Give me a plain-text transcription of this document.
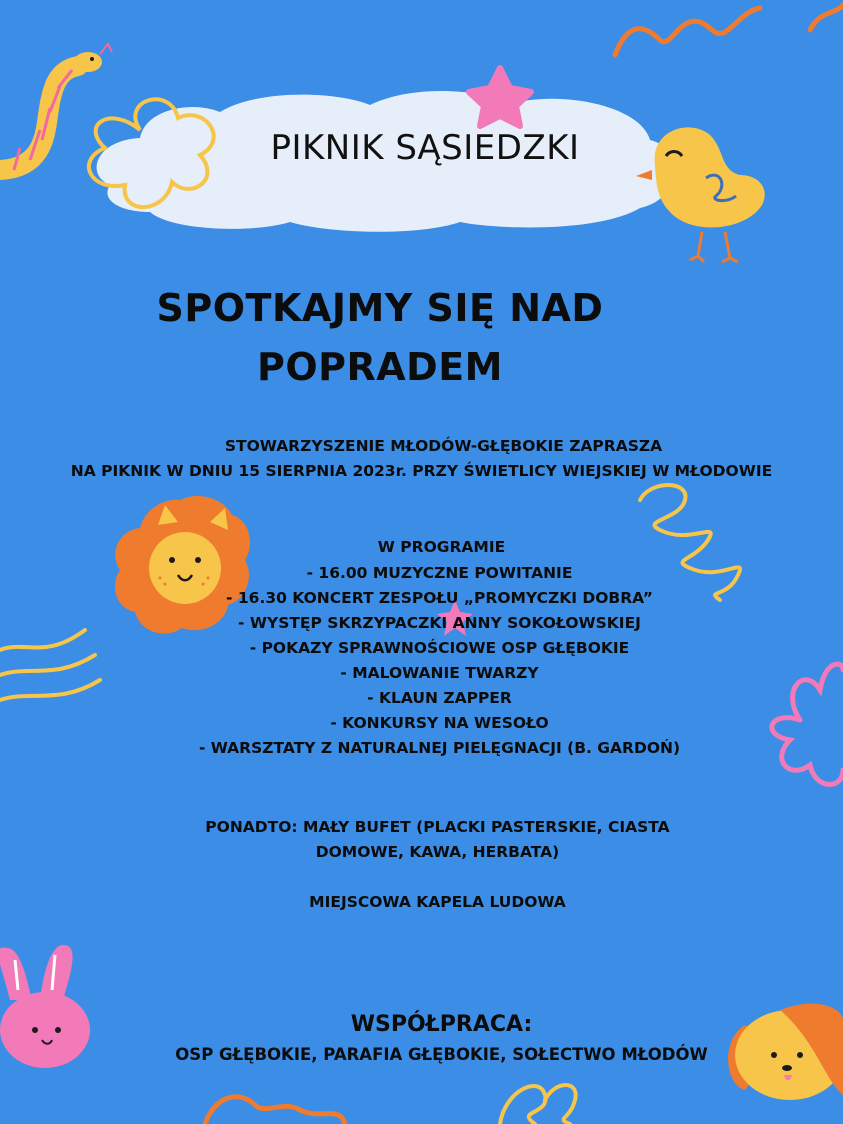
PIKNIK SĄSIEDZKI
SPOTKAJMY SIĘ NAD
POPRADEM
STOWARZYSZENIE MŁODÓW-GŁĘBOKIE ZAPRASZA
NA PIKNIK W DNIU 15 SIERPNIA 2023r. PRZY ŚWIETLICY WIEJSKIEJ W MŁODOWIE
W PROGRAMIE
- 16.00 MUZYCZNE POWITANIE
- 16.30 KONCERT ZESPOŁU „PROMYCZKI DOBRA”
- WYSTĘP SKRZYPACZKI ANNY SOKOŁOWSKIEJ
- POKAZY SPRAWNOŚCIOWE OSP GŁĘBOKIE
- MALOWANIE TWARZY
- KLAUN ZAPPER
- KONKURSY NA WESOŁO
- WARSZTATY Z NATURALNEJ PIELĘGNACJI (B. GARDOŃ)
PONADTO: MAŁY BUFET (PLACKI PASTERSKIE, CIASTA
DOMOWE, KAWA, HERBATA)
MIEJSCOWA KAPELA LUDOWA
WSPÓŁPRACA:
OSP GŁĘBOKIE, PARAFIA GŁĘBOKIE, SOŁECTWO MŁODÓW
